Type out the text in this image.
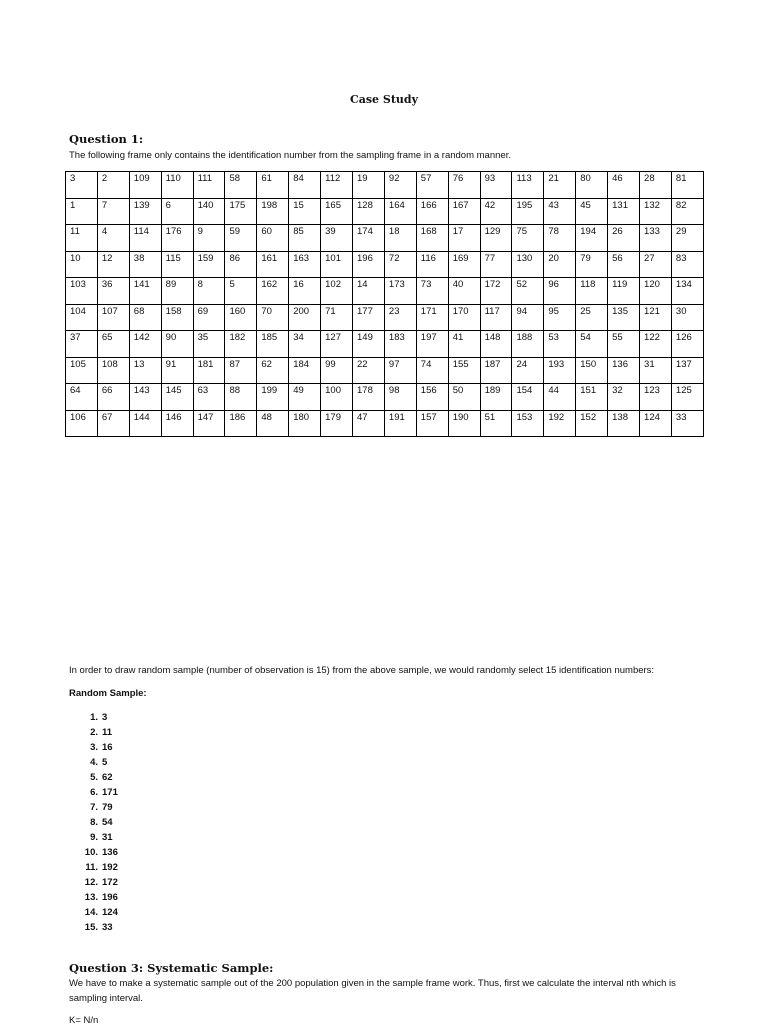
Case Study
Question 1:
The following frame only contains the identification number from the sampling frame in a random manner.
3	2	109	110	111	58	61	84	112	19	92	57	76	93	113	21	80	46	28	81
1	7	139	6	140	175	198	15	165	128	164	166	167	42	195	43	45	131	132	82
11	4	114	176	9	59	60	85	39	174	18	168	17	129	75	78	194	26	133	29
10	12	38	115	159	86	161	163	101	196	72	116	169	77	130	20	79	56	27	83
103	36	141	89	8	5	162	16	102	14	173	73	40	172	52	96	118	119	120	134
104	107	68	158	69	160	70	200	71	177	23	171	170	117	94	95	25	135	121	30
37	65	142	90	35	182	185	34	127	149	183	197	41	148	188	53	54	55	122	126
105	108	13	91	181	87	62	184	99	22	97	74	155	187	24	193	150	136	31	137
64	66	143	145	63	88	199	49	100	178	98	156	50	189	154	44	151	32	123	125
106	67	144	146	147	186	48	180	179	47	191	157	190	51	153	192	152	138	124	33
In order to draw random sample (number of observation is 15) from the above sample, we would randomly select 15 identification numbers:
Random Sample:
1. 3
2. 11
3. 16
4. 5
5. 62
6. 171
7. 79
8. 54
9. 31
10. 136
11. 192
12. 172
13. 196
14. 124
15. 33
Question 3: Systematic Sample:
We have to make a systematic sample out of the 200 population given in the sample frame work. Thus, first we calculate the interval nth which is sampling interval.
K= N/n
